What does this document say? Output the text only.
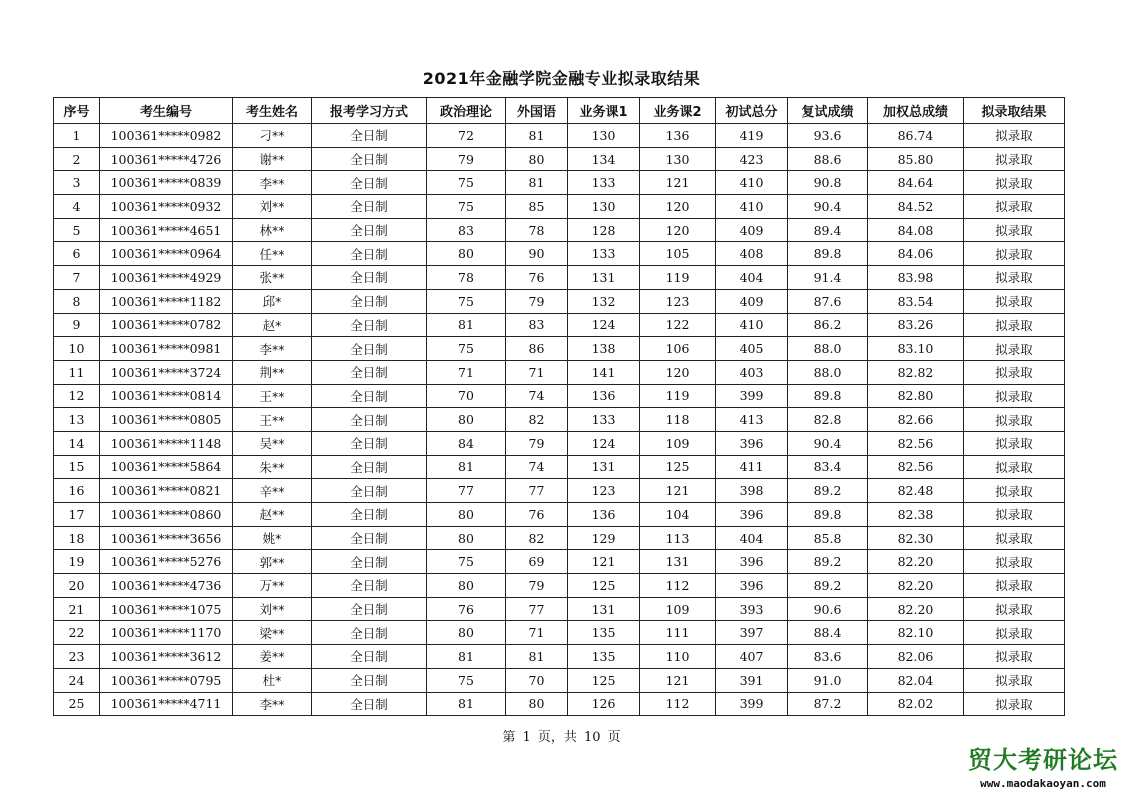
2021年金融学院金融专业拟录取结果
序号	考生编号	考生姓名	报考学习方式	政治理论	外国语	业务课1	业务课2	初试总分	复试成绩	加权总成绩	拟录取结果
1	100361*****0982	刁**	全日制	72	81	130	136	419	93.6	86.74	拟录取
2	100361*****4726	谢**	全日制	79	80	134	130	423	88.6	85.80	拟录取
3	100361*****0839	李**	全日制	75	81	133	121	410	90.8	84.64	拟录取
4	100361*****0932	刘**	全日制	75	85	130	120	410	90.4	84.52	拟录取
5	100361*****4651	林**	全日制	83	78	128	120	409	89.4	84.08	拟录取
6	100361*****0964	任**	全日制	80	90	133	105	408	89.8	84.06	拟录取
7	100361*****4929	张**	全日制	78	76	131	119	404	91.4	83.98	拟录取
8	100361*****1182	邱*	全日制	75	79	132	123	409	87.6	83.54	拟录取
9	100361*****0782	赵*	全日制	81	83	124	122	410	86.2	83.26	拟录取
10	100361*****0981	李**	全日制	75	86	138	106	405	88.0	83.10	拟录取
11	100361*****3724	荆**	全日制	71	71	141	120	403	88.0	82.82	拟录取
12	100361*****0814	王**	全日制	70	74	136	119	399	89.8	82.80	拟录取
13	100361*****0805	王**	全日制	80	82	133	118	413	82.8	82.66	拟录取
14	100361*****1148	吴**	全日制	84	79	124	109	396	90.4	82.56	拟录取
15	100361*****5864	朱**	全日制	81	74	131	125	411	83.4	82.56	拟录取
16	100361*****0821	辛**	全日制	77	77	123	121	398	89.2	82.48	拟录取
17	100361*****0860	赵**	全日制	80	76	136	104	396	89.8	82.38	拟录取
18	100361*****3656	姚*	全日制	80	82	129	113	404	85.8	82.30	拟录取
19	100361*****5276	郭**	全日制	75	69	121	131	396	89.2	82.20	拟录取
20	100361*****4736	万**	全日制	80	79	125	112	396	89.2	82.20	拟录取
21	100361*****1075	刘**	全日制	76	77	131	109	393	90.6	82.20	拟录取
22	100361*****1170	梁**	全日制	80	71	135	111	397	88.4	82.10	拟录取
23	100361*****3612	姜**	全日制	81	81	135	110	407	83.6	82.06	拟录取
24	100361*****0795	杜*	全日制	75	70	125	121	391	91.0	82.04	拟录取
25	100361*****4711	李**	全日制	81	80	126	112	399	87.2	82.02	拟录取
第 1 页，共 10 页
贸大考研论坛
www.maodakaoyan.com
